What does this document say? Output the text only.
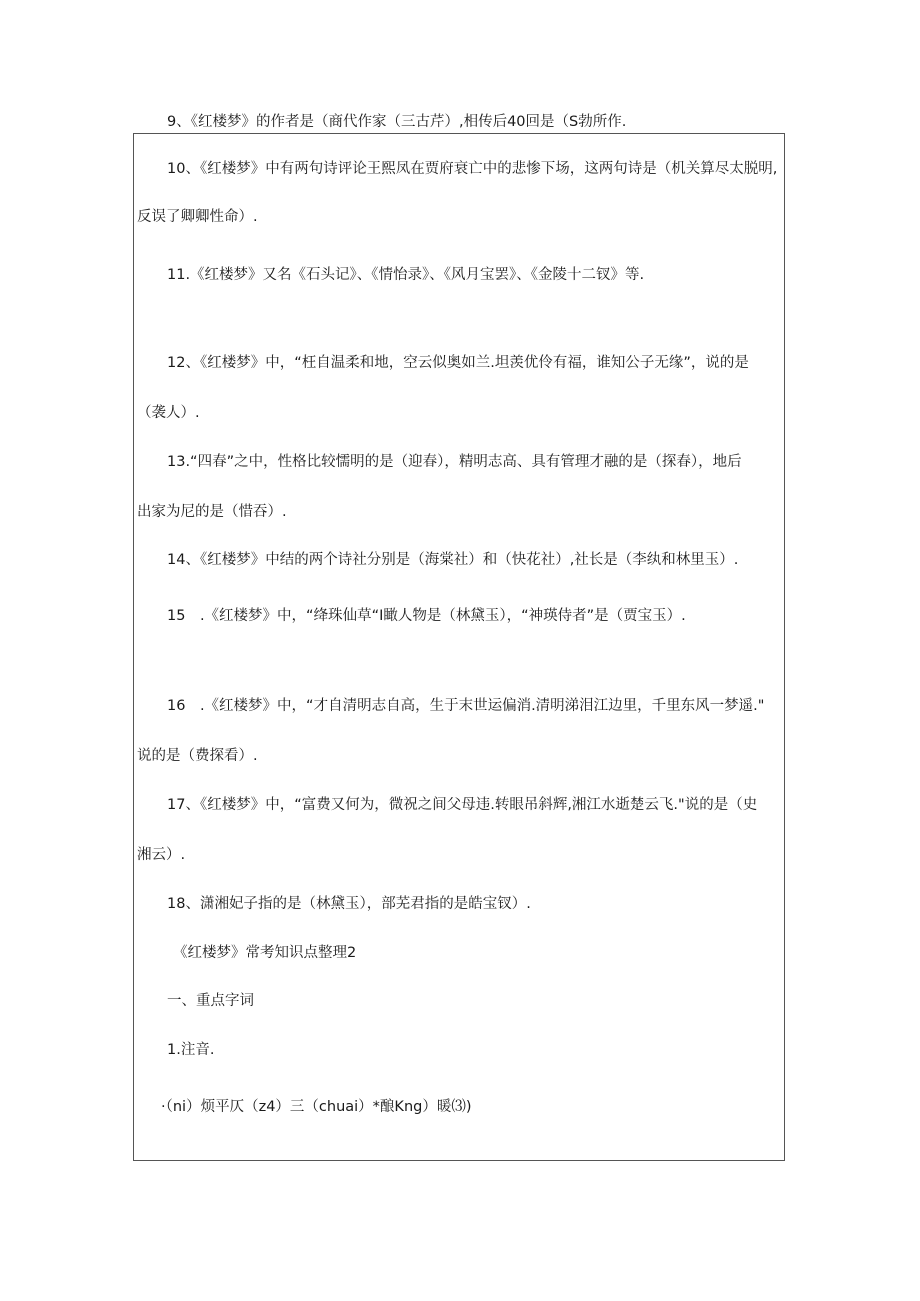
9、《红楼梦》的作者是（商代作家（三古芹）,相传后40回是（S勃所作.
10、《红楼梦》中有两句诗评论王熙凤在贾府衰亡中的悲惨下场，这两句诗是（机关算尽太脱明,
反误了卿卿性命）.
11.《红楼梦》又名《石头记》、《情怡录》、《风月宝罢》、《金陵十二钗》等.
12、《红楼梦》中，“枉自温柔和地，空云似奥如兰.坦羡优伶有福，谁知公子无缘”，说的是
（袭人）.
13.“四春”之中，性格比较懦明的是（迎春），精明志高、具有管理才融的是（探春），地后
出家为尼的是（惜吞）.
14、《红楼梦》中结的两个诗社分别是（海棠社）和（快花社）,社长是（李纨和林里玉）.
15　.《红楼梦》中，“绛珠仙草“I瞰人物是（林黛玉），“神瑛侍者”是（贾宝玉）.
16　.《红楼梦》中，“才自清明志自高，生于末世运偏消.清明涕泪江边里，千里东风一梦遥."
说的是（费探看）.
17、《红楼梦》中，“富费又何为，微祝之间父母违.转眼吊斜辉,湘江水逝楚云飞."说的是（史
湘云）.
18、潇湘妃子指的是（林黛玉），部芜君指的是皓宝钗）.
《红楼梦》常考知识点整理2
一、重点字词
1.注音.
·（ni）烦平仄（z4）三（chuai）*酿Kng）暖⑶)
